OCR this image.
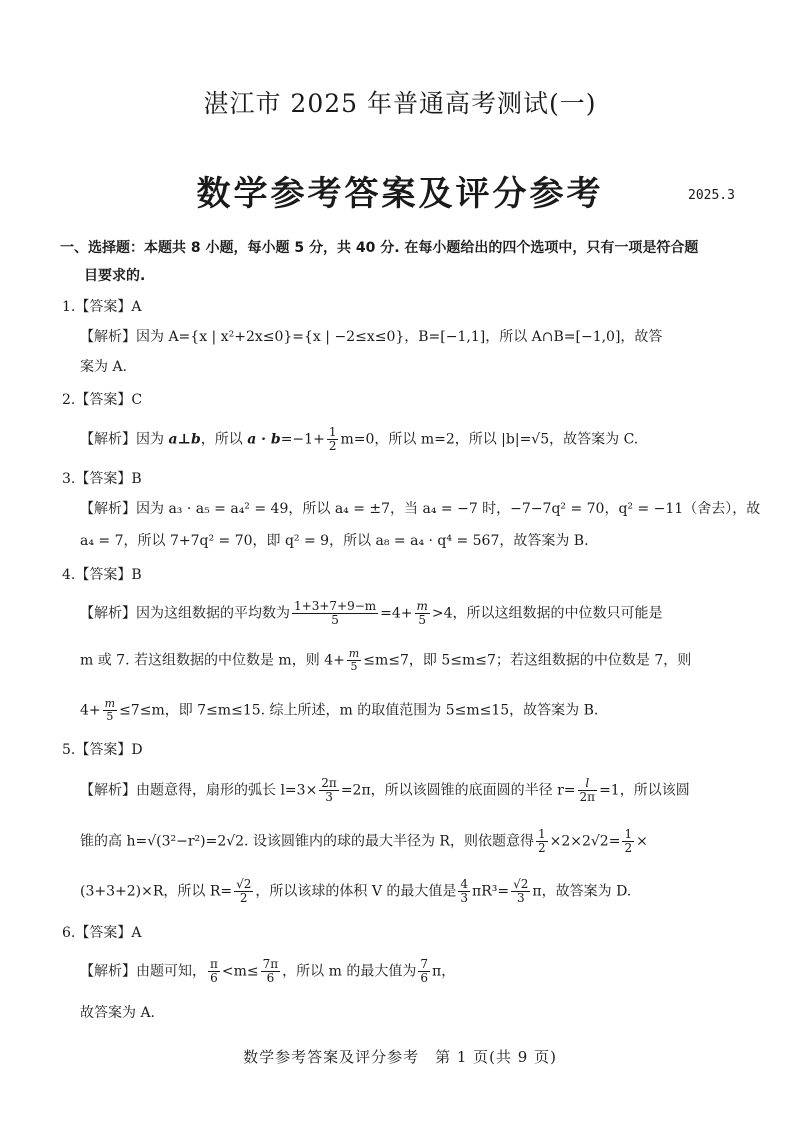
湛江市 2025 年普通高考测试(一)
数学参考答案及评分参考	2025.3
一、选择题：本题共 8 小题，每小题 5 分，共 40 分. 在每小题给出的四个选项中，只有一项是符合题
目要求的.
1.【答案】A
【解析】因为 A={x | x²+2x≤0}={x | −2≤x≤0}，B=[−1,1]，所以 A∩B=[−1,0]，故答
案为 A.
2.【答案】C
【解析】因为 a⊥b，所以 $a \cdot b=-1+ \frac{1}{2} m=0$，所以 m=2，所以 |b|=√5，故答案为 C.
3.【答案】B
【解析】因为 a₃ · a₅ = a₄² = 49，所以 a₄ = ±7，当 a₄ = −7 时，−7−7q² = 70，q² = −11（舍去），故
a₄ = 7，所以 7+7q² = 70，即 q² = 9，所以 a₈ = a₄ · q⁴ = 567，故答案为 B.
4.【答案】B
【解析】因为这组数据的平均数为 $\frac{1+3+7+9-m}{5} =4+ \frac{m}{5} >4$，所以这组数据的中位数只可能是
m 或 7. 若这组数据的中位数是 m，则 $4+ \frac{m}{5} \le m\le 7$，即 5≤m≤7；若这组数据的中位数是 7，则
$4+ \frac{m}{5} \le 7\le m$，即 7≤m≤15. 综上所述，m 的取值范围为 5≤m≤15，故答案为 B.
5.【答案】D
【解析】由题意得，扇形的弧长 $l=3\times \frac{2\pi}{3} =2\pi$，所以该圆锥的底面圆的半径 $r= \frac{l}{2\pi} =1$，所以该圆
锥的高 h=√(3²−r²)=2√2. 设该圆锥内的球的最大半径为 R，则依题意得 $\frac{1}{2} \times 2\times 2√2= \frac{1}{2}$ ×
(3+3+2)×R，所以 $R= \frac{√2}{2}$ ，所以该球的体积 V 的最大值是 $\frac{4}{3} \pi R^3= \frac{√2}{3}$ π，故答案为 D.
6.【答案】A
【解析】由题可知， $\frac{\pi}{6} <m\le \frac{7\pi}{6}$ ，所以 m 的最大值为 $\frac{7}{6}$ π，
故答案为 A.
数学参考答案及评分参考　第 1 页(共 9 页)
